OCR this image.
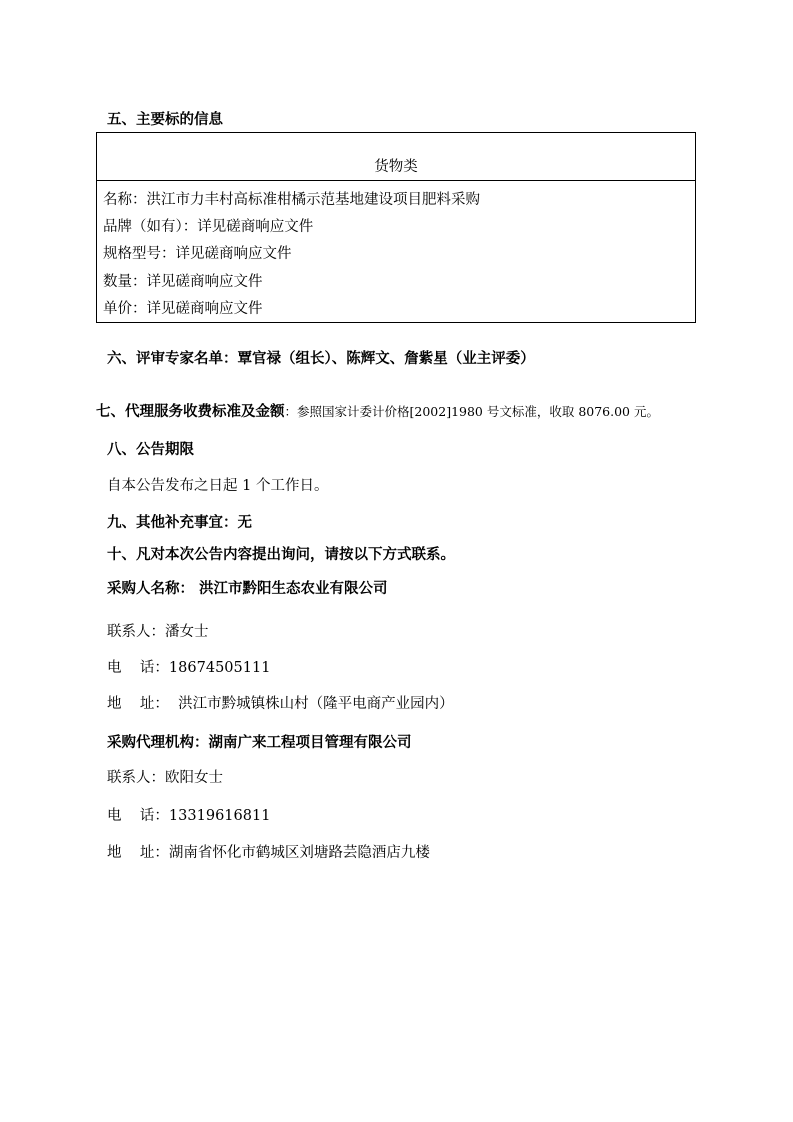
五、主要标的信息
货物类
名称：洪江市力丰村高标准柑橘示范基地建设项目肥料采购
品牌（如有）：详见磋商响应文件
规格型号：详见磋商响应文件
数量：详见磋商响应文件
单价：详见磋商响应文件
六、评审专家名单：覃官禄（组长）、陈辉文、詹紫星（业主评委）
七、代理服务收费标准及金额：参照国家计委计价格[2002]1980 号文标准，收取 8076.00 元。
八、公告期限
自本公告发布之日起 1 个工作日。
九、其他补充事宜：无
十、凡对本次公告内容提出询问，请按以下方式联系。
采购人名称： 洪江市黔阳生态农业有限公司
联系人：潘女士
电    话：18674505111
地    址：  洪江市黔城镇株山村（隆平电商产业园内）
采购代理机构：湖南广来工程项目管理有限公司
联系人：欧阳女士
电    话：13319616811
地    址：湖南省怀化市鹤城区刘塘路芸隐酒店九楼
